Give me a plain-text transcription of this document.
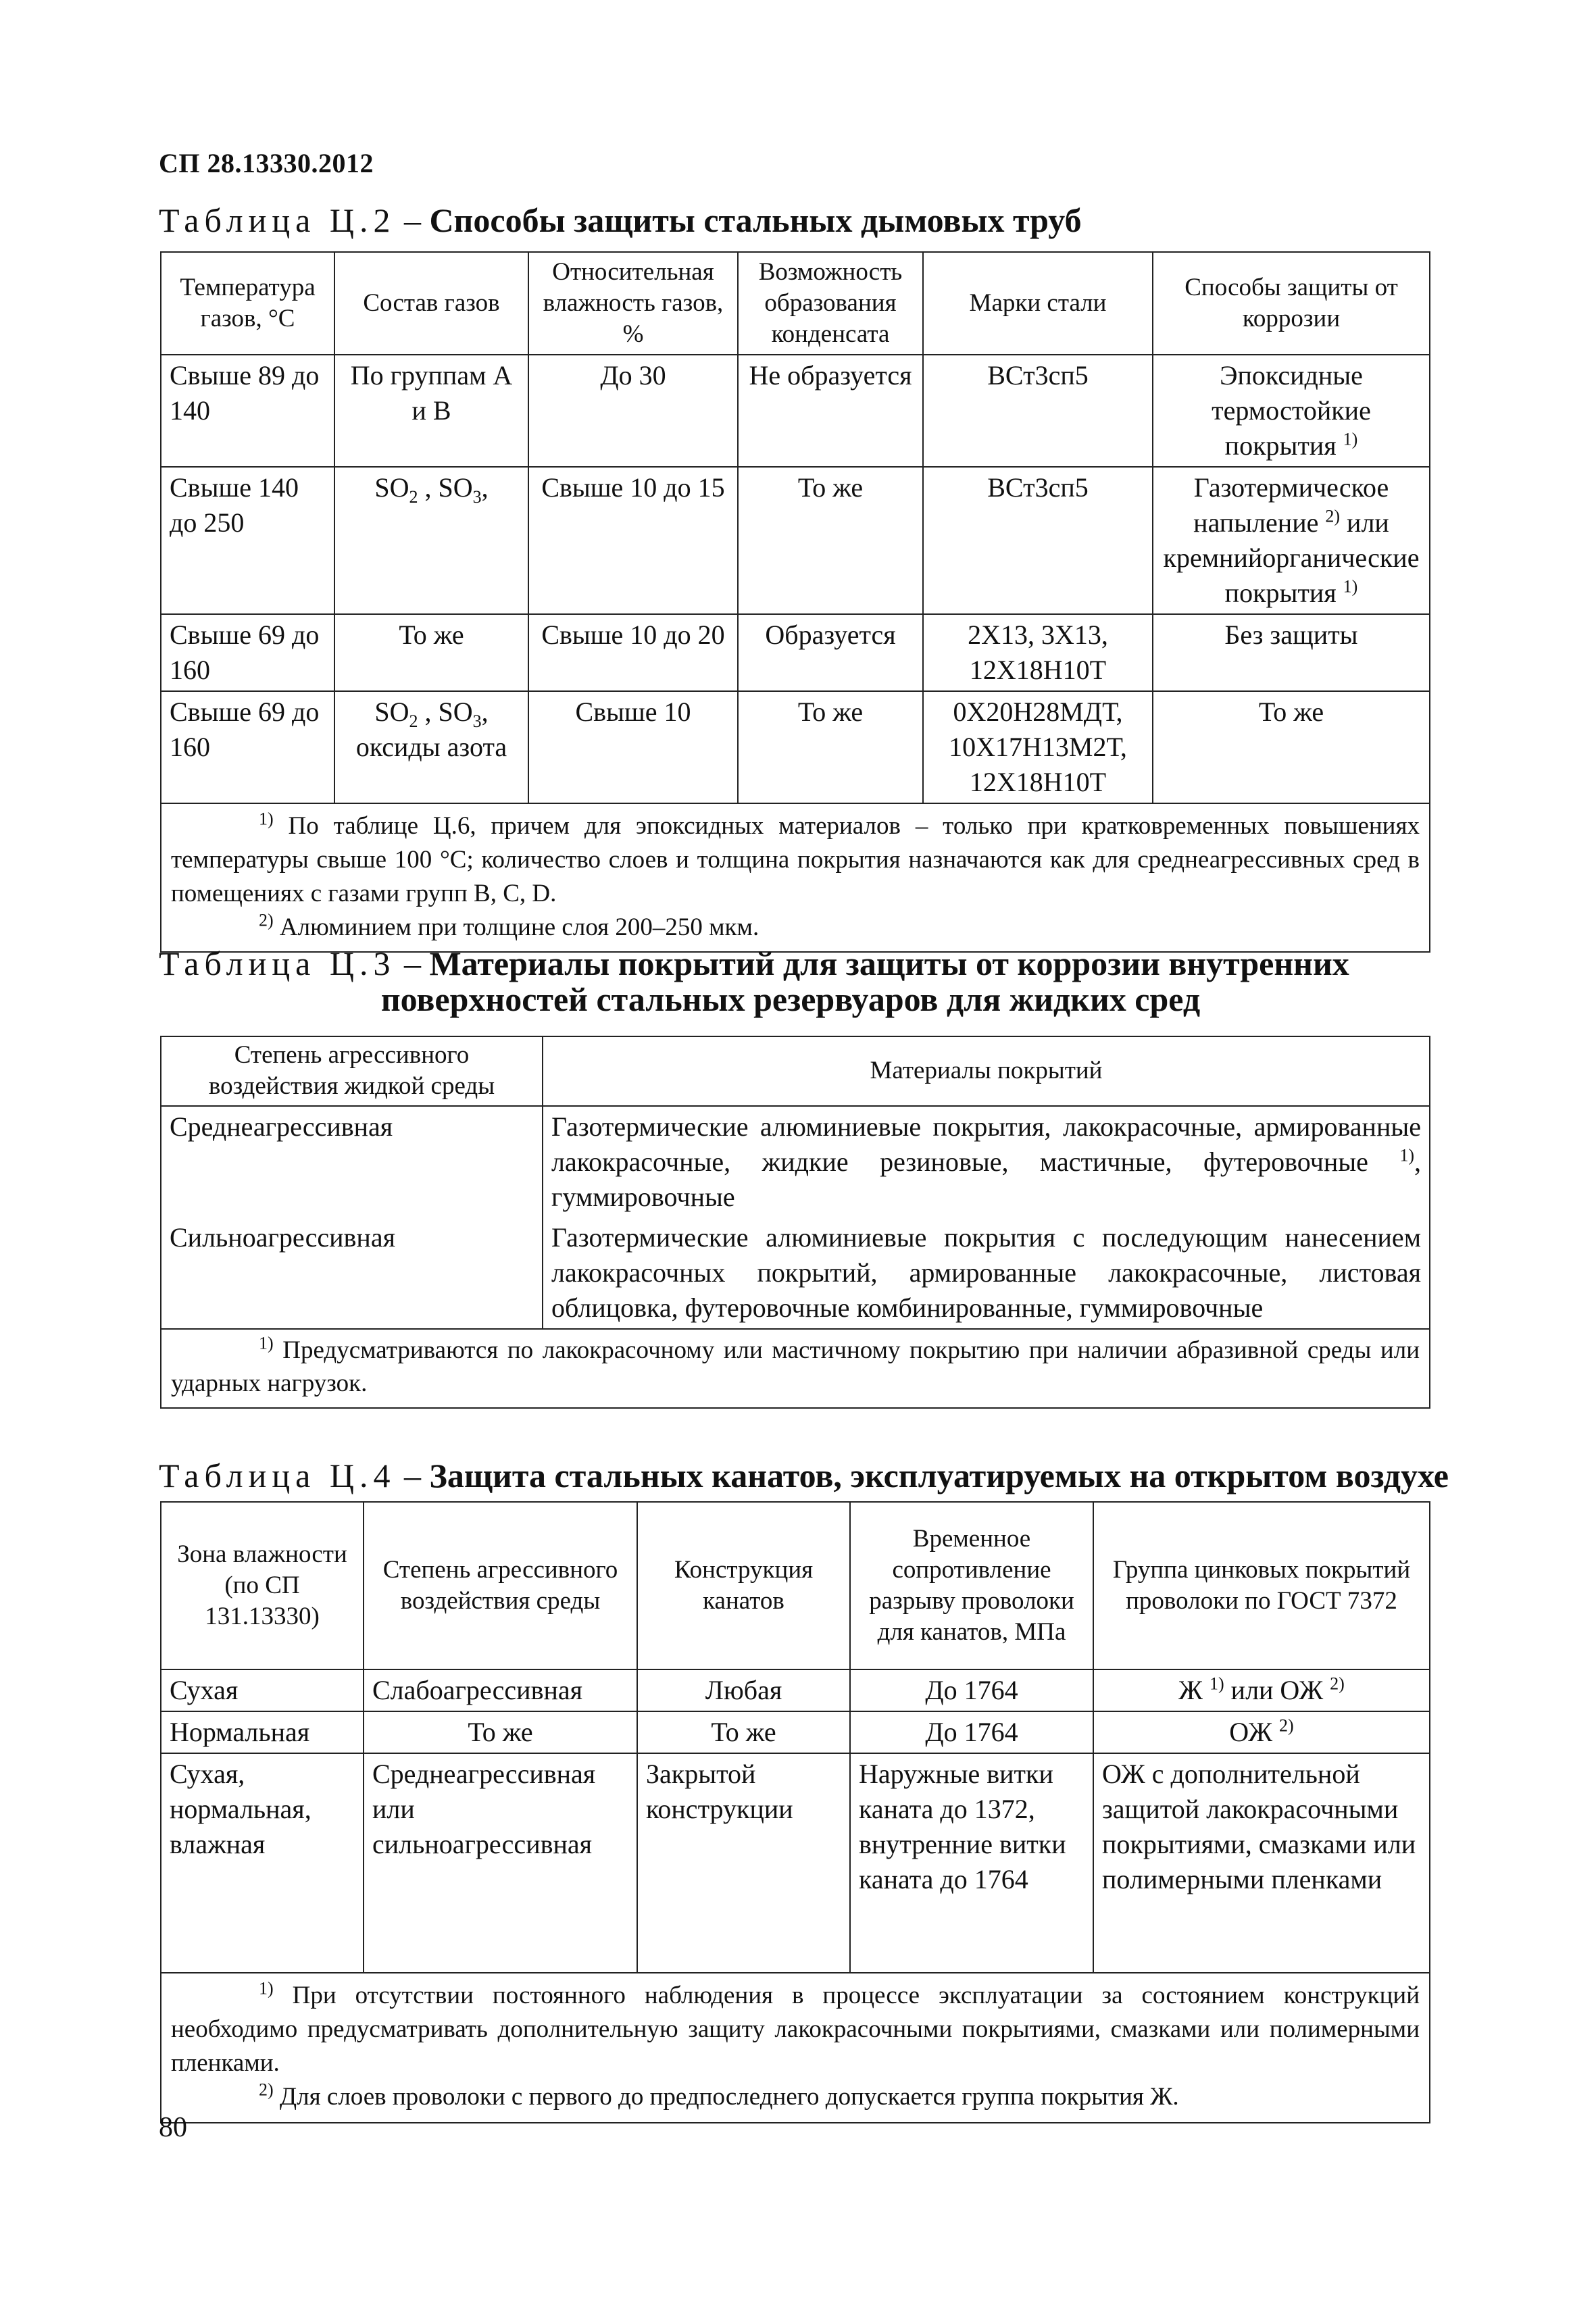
СП 28.13330.2012
Таблица Ц.2 – Способы защиты стальных дымовых труб
Температура газов, °С	Состав газов	Относительная влажность газов, %	Возможность образования конденсата	Марки стали	Способы защиты от коррозии
Свыше 89 до 140	По группам А и В	До 30	Не образуется	ВСт3сп5	Эпоксидные термостойкие покрытия $^{1)}$
Свыше 140 до 250	$SO_2$ , $SO_3$,	Свыше 10 до 15	То же	ВСт3сп5	Газотермическое напыление $^{2)}$ или кремнийорганические покрытия $^{1)}$
Свыше 69 до 160	То же	Свыше 10 до 20	Образуется	2Х13, 3Х13, 12Х18Н10Т	Без защиты
Свыше 69 до 160	$SO_2$ , $SO_3$, оксиды азота	Свыше 10	То же	0Х20Н28МДТ, 10Х17Н13М2Т, 12Х18Н10Т	То же

$^{1)}$ По таблице Ц.6, причем для эпоксидных материалов – только при кратковременных повышениях температуры свыше 100 °С; количество слоев и толщина покрытия назначаются как для среднеагрессивных сред в помещениях с газами групп В, С, D.

$^{2)}$ Алюминием при толщине слоя 200–250 мкм.					

Таблица Ц.3 – Материалы покрытий для защиты от коррозии внутренних
поверхностей стальных резервуаров для жидких сред
Степень агрессивного воздействия жидкой среды	Материалы покрытий
Среднеагрессивная	Газотермические алюминиевые покрытия, лакокрасочные, армированные лакокрасочные, жидкие резиновые, мастичные, футеровочные $^{1)}$, гуммировочные
Сильноагрессивная	Газотермические алюминиевые покрытия с последующим нанесением лакокрасочных покрытий, армированные лакокрасочные, листовая облицовка, футеровочные комбинированные, гуммировочные

$^{1)}$ Предусматриваются по лакокрасочному или мастичному покрытию при наличии абразивной среды или ударных нагрузок.	

Таблица Ц.4 – Защита стальных канатов, эксплуатируемых на открытом воздухе
Зона влажности (по СП 131.13330)	Степень агрессивного воздействия среды	Конструкция канатов	Временное сопротивление разрыву проволоки для канатов, МПа	Группа цинковых покрытий проволоки по ГОСТ 7372
Сухая	Слабоагрессивная	Любая	До 1764	Ж $^{1)}$ или ОЖ $^{2)}$
Нормальная	То же	То же	До 1764	ОЖ $^{2)}$
Сухая, нормальная, влажная	Среднеагрессивная или сильноагрессивная	Закрытой конструкции	Наружные витки каната до 1372, внутренние витки каната до 1764	ОЖ с дополнительной защитой лакокрасочными покрытиями, смазками или полимерными пленками

$^{1)}$ При отсутствии постоянного наблюдения в процессе эксплуатации за состоянием конструкций необходимо предусматривать дополнительную защиту лакокрасочными покрытиями, смазками или полимерными пленками.

$^{2)}$ Для слоев проволоки с первого до предпоследнего допускается группа покрытия Ж.				

80
